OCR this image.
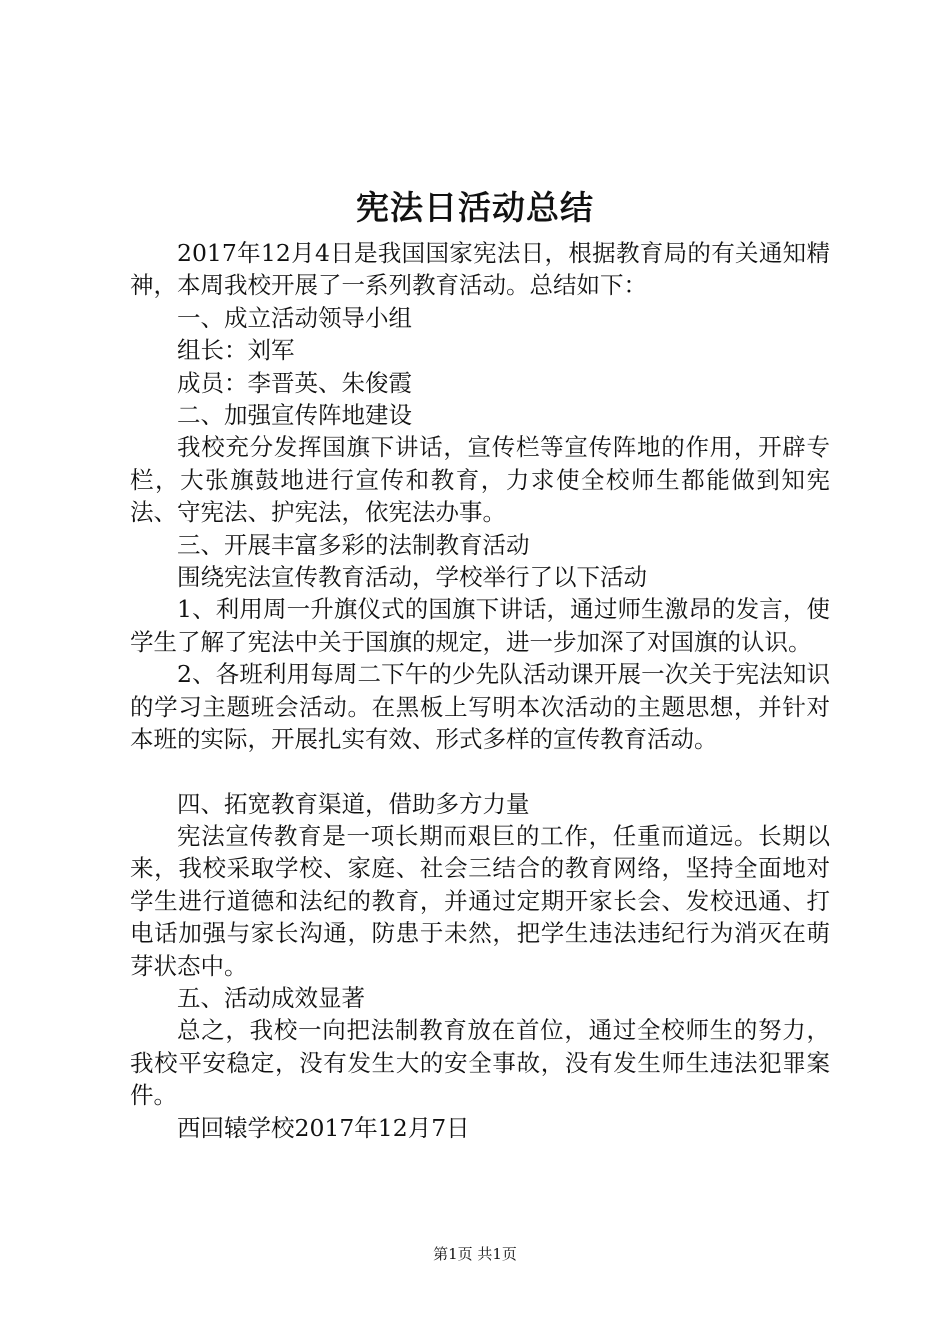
宪法日活动总结

2017年12月4日是我国国家宪法日，根据教育局的有关通知精神，本周我校开展了一系列教育活动。总结如下：

一、成立活动领导小组

组长：刘军

成员：李晋英、朱俊霞

二、加强宣传阵地建设

我校充分发挥国旗下讲话，宣传栏等宣传阵地的作用，开辟专栏，大张旗鼓地进行宣传和教育，力求使全校师生都能做到知宪法、守宪法、护宪法，依宪法办事。

三、开展丰富多彩的法制教育活动

围绕宪法宣传教育活动，学校举行了以下活动

1、利用周一升旗仪式的国旗下讲话，通过师生激昂的发言，使学生了解了宪法中关于国旗的规定，进一步加深了对国旗的认识。

2、各班利用每周二下午的少先队活动课开展一次关于宪法知识的学习主题班会活动。在黑板上写明本次活动的主题思想，并针对本班的实际，开展扎实有效、形式多样的宣传教育活动。

四、拓宽教育渠道，借助多方力量

宪法宣传教育是一项长期而艰巨的工作，任重而道远。长期以来，我校采取学校、家庭、社会三结合的教育网络，坚持全面地对学生进行道德和法纪的教育，并通过定期开家长会、发校迅通、打电话加强与家长沟通，防患于未然，把学生违法违纪行为消灭在萌芽状态中。

五、活动成效显著

总之，我校一向把法制教育放在首位，通过全校师生的努力，我校平安稳定，没有发生大的安全事故，没有发生师生违法犯罪案件。

西回辕学校2017年12月7日

第1页 共1页
